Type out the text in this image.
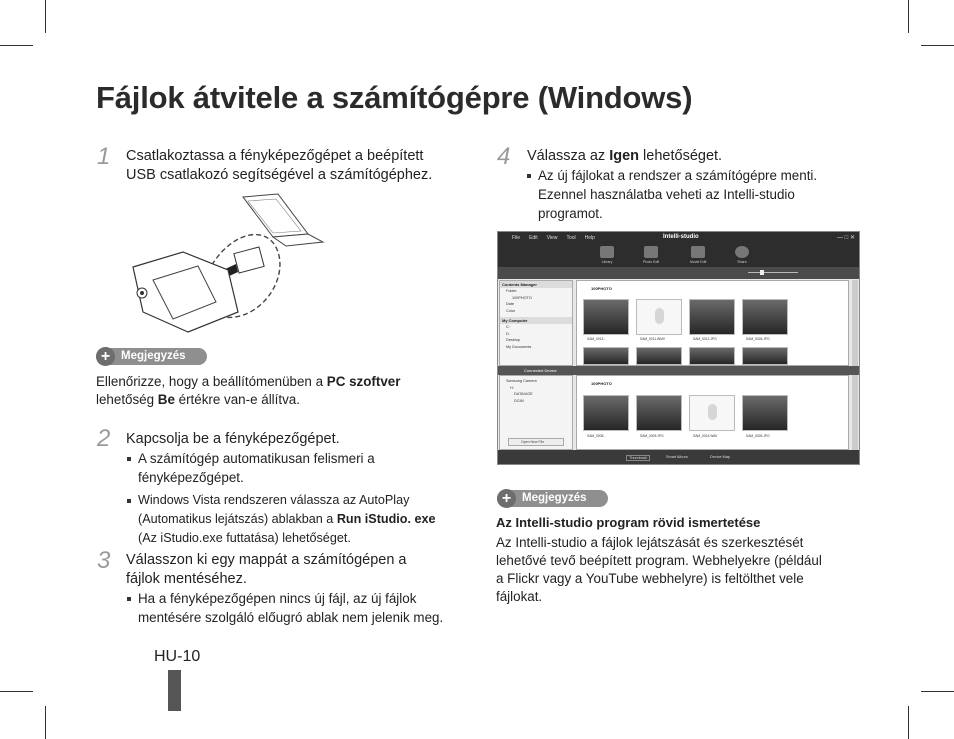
Fájlok átvitele a számítógépre (Windows)
1 Csatlakoztassa a fényképezőgépet a beépített
USB csatlakozó segítségével a számítógéphez.
+ Megjegyzés
Ellenőrizze, hogy a beállítómenüben a PC szoftver
lehetőség Be értékre van-e állítva.
2 Kapcsolja be a fényképezőgépet.
A számítógép automatikusan felismeri a
fényképezőgépet.
Windows Vista rendszeren válassza az AutoPlay
(Automatikus lejátszás) ablakban a Run iStudio. exe
(Az iStudio.exe futtatása) lehetőséget.
3 Válasszon ki egy mappát a számítógépen a
fájlok mentéséhez.
Ha a fényképezőgépen nincs új fájl, az új fájlok
mentésére szolgáló előugró ablak nem jelenik meg.
4 Válassza az Igen lehetőséget.
Az új fájlokat a rendszer a számítógépre menti.
Ezennel használatba veheti az Intelli-studio
programot.
File Edit View Tool Help	Intelli-studio	— □ ✕
Library	Photo Edit	Movie Edit	Share
Contents Manager
Folder
100PHOTO
Date
Color
My Computer
C:
D:
Desktop
My Documents
100PHOTO
SAM_0013...	SAM_0011.WMV	SAM_0012.JPG	SAM_0026.JPG
Connected Device
Samsung Camera
H:
DATAIUGE
DCIM
Open New File
100PHOTO
SAM_0008...	SAM_0009.JPG	SAM_0024.WAV	SAM_0026.JPG
Thumbnail	Smart Album	Device Map
+ Megjegyzés
Az Intelli-studio program rövid ismertetése
Az Intelli-studio a fájlok lejátszását és szerkesztését
lehetővé tevő beépített program. Webhelyekre (például
a Flickr vagy a YouTube webhelyre) is feltölthet vele
fájlokat.
HU-10
